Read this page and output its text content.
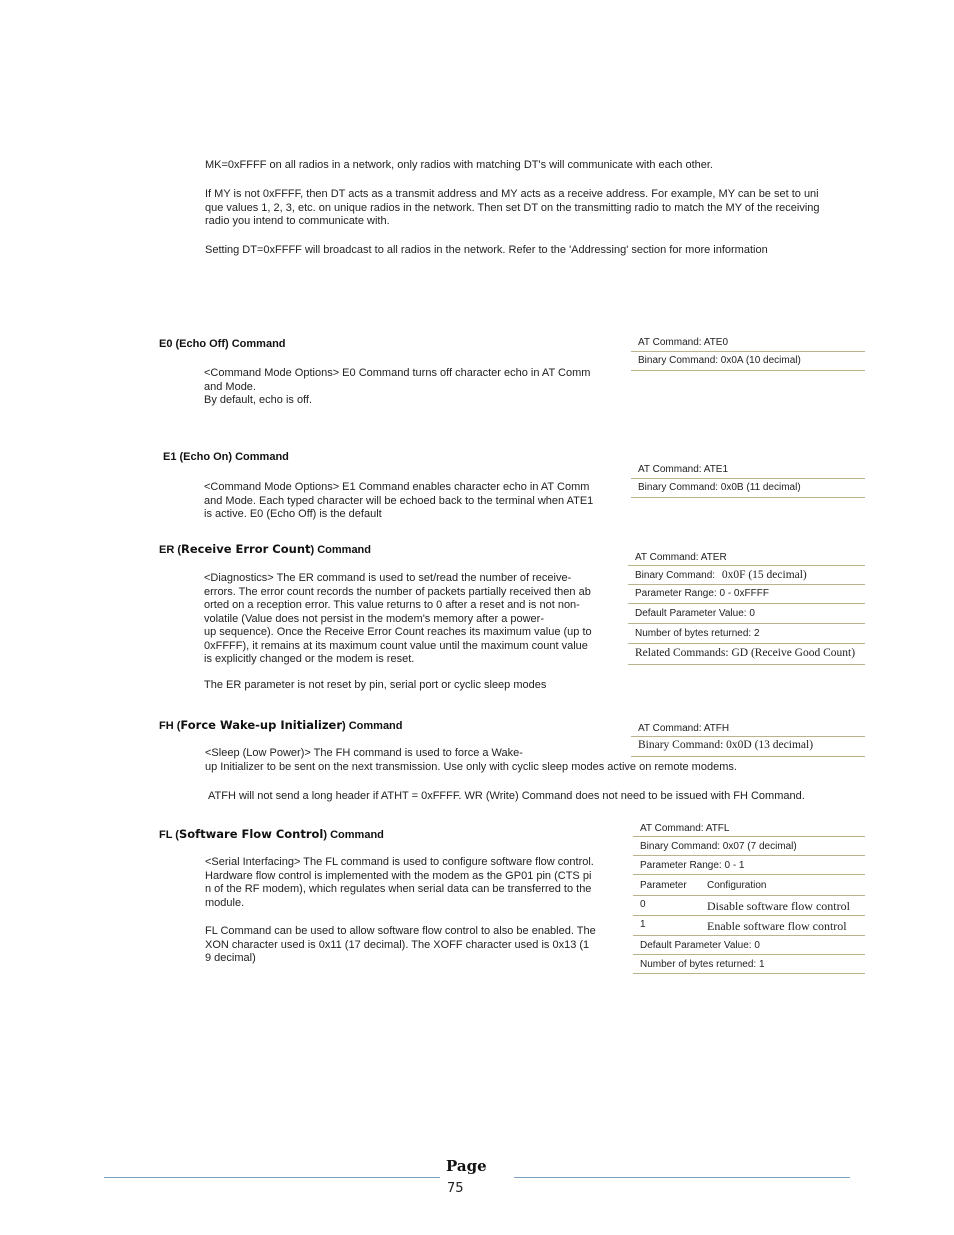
MK=0xFFFF on all radios in a network, only radios with matching DT's will communicate with each other.
If MY is not 0xFFFF, then DT acts as a transmit address and MY acts as a receive address. For example, MY can be set to uni
que values 1, 2, 3, etc. on unique radios in the network. Then set DT on the transmitting radio to match the MY of the receiving
radio you intend to communicate with.
Setting DT=0xFFFF will broadcast to all radios in the network. Refer to the 'Addressing' section for more information
E0 (Echo Off) Command
<Command Mode Options> E0 Command turns off character echo in AT Comm
and Mode.
By default, echo is off.
AT Command: ATE0
Binary Command: 0x0A (10 decimal)
E1 (Echo On) Command
<Command Mode Options> E1 Command enables character echo in AT Comm
and Mode. Each typed character will be echoed back to the terminal when ATE1
is active. E0 (Echo Off) is the default
AT Command: ATE1
Binary Command: 0x0B (11 decimal)
ER (Receive Error Count) Command
<Diagnostics> The ER command is used to set/read the number of receive-
errors. The error count records the number of packets partially received then ab
orted on a reception error. This value returns to 0 after a reset and is not non-
volatile (Value does not persist in the modem's memory after a power-
up sequence). Once the Receive Error Count reaches its maximum value (up to
0xFFFF), it remains at its maximum count value until the maximum count value
is explicitly changed or the modem is reset.
The ER parameter is not reset by pin, serial port or cyclic sleep modes
AT Command: ATER
Binary Command: 0x0F (15 decimal)
Parameter Range: 0 - 0xFFFF
Default Parameter Value: 0
Number of bytes returned: 2
Related Commands: GD (Receive Good Count)
FH (Force Wake-up Initializer) Command
<Sleep (Low Power)> The FH command is used to force a Wake-
up Initializer to be sent on the next transmission. Use only with cyclic sleep modes active on remote modems.
ATFH will not send a long header if ATHT = 0xFFFF. WR (Write) Command does not need to be issued with FH Command.
AT Command: ATFH
Binary Command: 0x0D (13 decimal)
FL (Software Flow Control) Command
<Serial Interfacing> The FL command is used to configure software flow control.
Hardware flow control is implemented with the modem as the GP01 pin (CTS pi
n of the RF modem), which regulates when serial data can be transferred to the
module.
FL Command can be used to allow software flow control to also be enabled. The
XON character used is 0x11 (17 decimal). The XOFF character used is 0x13 (1
9 decimal)
AT Command: ATFL
Binary Command: 0x07 (7 decimal)
Parameter Range: 0 - 1
Parameter Configuration
0	Disable software flow control
1	Enable software flow control
Default Parameter Value: 0
Number of bytes returned: 1
Page
75
